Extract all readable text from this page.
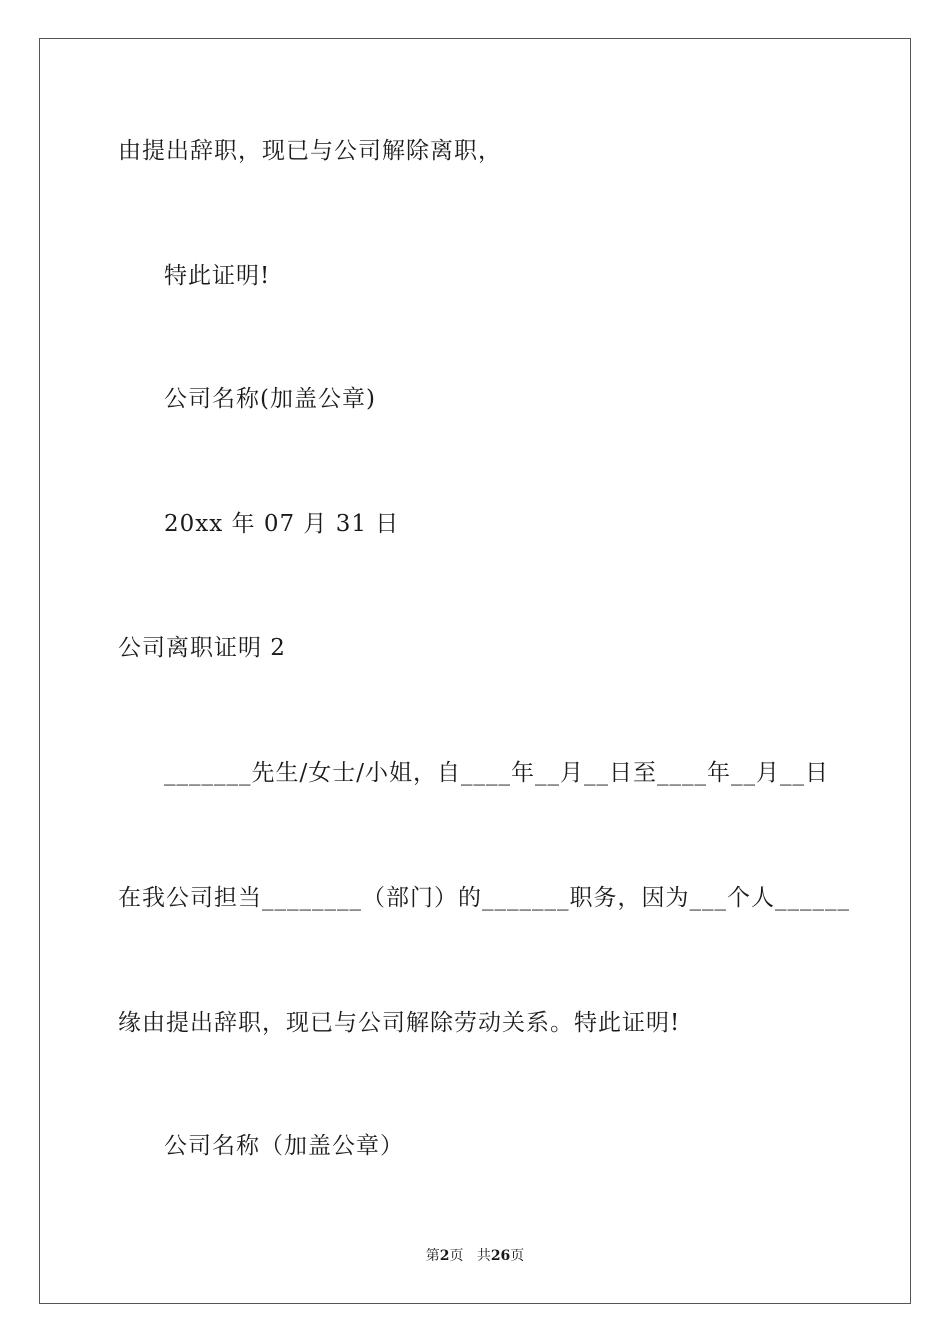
由提出辞职，现已与公司解除离职，
特此证明!
公司名称(加盖公章)
20xx 年 07 月 31 日
公司离职证明 2
_______先生/女士/小姐，自____年__月__日至____年__月__日
在我公司担当________（部门）的_______职务，因为___个人______
缘由提出辞职，现已与公司解除劳动关系。特此证明!
公司名称（加盖公章）
第2页 共26页
